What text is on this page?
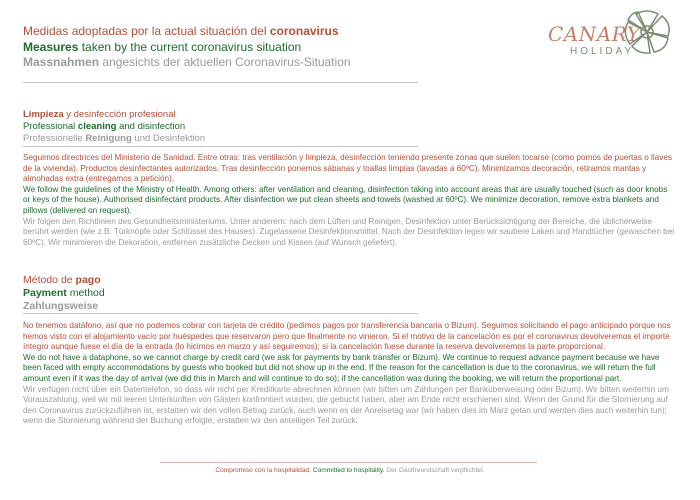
Medidas adoptadas por la actual situación del coronavirus
Measures taken by the current coronavirus situation
Massnahmen angesichts der aktuellen Coronavirus-Situation
CANARY
HOLIDAY
Limpieza y desinfección profesional
Professional cleaning and disinfection
Professionelle Reinigung und Desinfektion

Seguimos directrices del Ministerio de Sanidad. Entre otras: tras ventilación y limpieza, desinfección teniendo presente zonas que suelen tocarse (como pomos de puertas o llaves de la vivienda). Productos desinfectantes autorizados. Tras desinfección ponemos sábanas y toallas limpias (lavadas a 60ºC). Minimizamos decoración, retiramos mantas y almohadas extra (entregamos a petición).

We follow the guidelines of the Ministry of Health. Among others: after ventilation and cleaning, disinfection taking into account areas that are usually touched (such as door knobs or keys of the house). Authorised disinfectant products. After disinfection we put clean sheets and towels (washed at 60ºC). We minimize decoration, remove extra blankets and pillows (delivered on request).

Wir folgen den Richtlinien des Gesundheitsministeriums. Unter anderem: nach dem Lüften und Reinigen, Desinfektion unter Berücksichtigung der Bereiche, die üblicherweise berührt werden (wie z.B. Türknöpfe oder Schlüssel des Hauses). Zugelassene Desinfektionsmittel. Nach der Desinfektion legen wir saubere Laken und Handtücher (gewaschen bei 60ºC). Wir minimieren die Dekoration, entfernen zusätzliche Decken und Kissen (auf Wunsch geliefert).

Método de pago
Payment method
Zahlungsweise

No tenemos datáfono, así que no podemos cobrar con tarjeta de crédito (pedimos pagos por transferencia bancaria o Bizum). Seguimos solicitando el pago anticipado porque nos hemos visto con el alojamiento vacío por huéspedes que reservaron pero que finalmente no vinieron. Si el motivo de la cancelación es por el coronavirus devolveremos el importe íntegro aunque fuese el día de la entrada (lo hicimos en marzo y así seguiremos); si la cancelación fuese durante la reserva devolveremos la parte proporcional.

We do not have a dataphone, so we cannot charge by credit card (we ask for payments by bank transfer or Bizum). We continue to request advance payment because we have been faced with empty accommodations by guests who booked but did not show up in the end. If the reason for the cancellation is due to the coronavirus, we will return the full amount even if it was the day of arrival (we did this in March and will continue to do so); if the cancellation was during the booking, we will return the proportional part.

Wir verfügen nicht über ein Datentelefon, so dass wir nicht per Kreditkarte abrechnen können (wir bitten um Zahlungen per Banküberweisung oder Bizum). Wir bitten weiterhin um Vorauszahlung, weil wir mit leeren Unterkünften von Gästen konfrontiert wurden, die gebucht haben, aber am Ende nicht erschienen sind. Wenn der Grund für die Stornierung auf den Coronavirus zurückzuführen ist, erstatten wir den vollen Betrag zurück, auch wenn es der Anreisetag war (wir haben dies im März getan und werden dies auch weiterhin tun); wenn die Stornierung während der Buchung erfolgte, erstatten wir den anteiligen Teil zurück.

Compromiso con la hospitalidad. Committed to hospitality. Der Gastfreundschaft verpflichtet.
